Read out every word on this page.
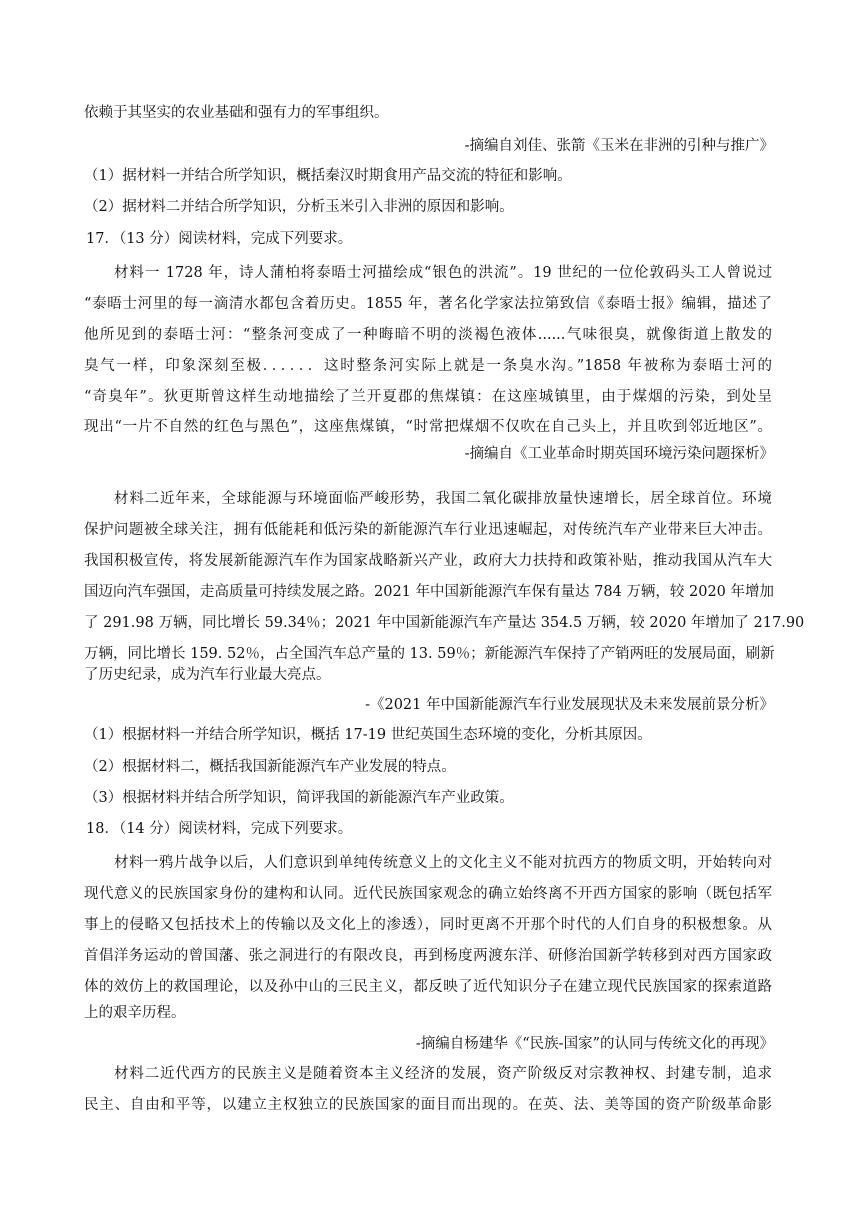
依赖于其坚实的农业基础和强有力的军事组织。
-摘编自刘佳、张箭《玉米在非洲的引种与推广》
（1）据材料一并结合所学知识，概括秦汉时期食用产品交流的特征和影响。
（2）据材料二并结合所学知识，分析玉米引入非洲的原因和影响。
17．（13 分）阅读材料，完成下列要求。
材料一 1728 年，诗人蒲柏将泰晤士河描绘成“银色的洪流”。19 世纪的一位伦敦码头工人曾说过
“泰晤士河里的每一滴清水都包含着历史。1855 年，著名化学家法拉第致信《泰晤士报》编辑，描述了
他所见到的泰晤士河：“整条河变成了一种晦暗不明的淡褐色液体......气味很臭，就像街道上散发的
臭气一样，印象深刻至极．．．．．．这时整条河实际上就是一条臭水沟。”1858 年被称为泰晤士河的
“奇臭年”。狄更斯曾这样生动地描绘了兰开夏郡的焦煤镇：在这座城镇里，由于煤烟的污染，到处呈
现出“一片不自然的红色与黑色”，这座焦煤镇，“时常把煤烟不仅吹在自己头上，并且吹到邻近地区”。
-摘编自《工业革命时期英国环境污染问题探析》
材料二近年来，全球能源与环境面临严峻形势，我国二氧化碳排放量快速增长，居全球首位。环境
保护问题被全球关注，拥有低能耗和低污染的新能源汽车行业迅速崛起，对传统汽车产业带来巨大冲击。
我国积极宣传，将发展新能源汽车作为国家战略新兴产业，政府大力扶持和政策补贴，推动我国从汽车大
国迈向汽车强国，走高质量可持续发展之路。2021 年中国新能源汽车保有量达 784 万辆，较 2020 年增加
了 291.98 万辆，同比增长 59.34％；2021 年中国新能源汽车产量达 354.5 万辆，较 2020 年增加了 217.90
万辆，同比增长 159. 52％，占全国汽车总产量的 13. 59％；新能源汽车保持了产销两旺的发展局面，刷新
了历史纪录，成为汽车行业最大亮点。
-《2021 年中国新能源汽车行业发展现状及未来发展前景分析》
（1）根据材料一并结合所学知识，概括 17-19 世纪英国生态环境的变化，分析其原因。
（2）根据材料二，概括我国新能源汽车产业发展的特点。
（3）根据材料并结合所学知识，简评我国的新能源汽车产业政策。
18．（14 分）阅读材料，完成下列要求。
材料一鸦片战争以后，人们意识到单纯传统意义上的文化主义不能对抗西方的物质文明，开始转向对
现代意义的民族国家身份的建构和认同。近代民族国家观念的确立始终离不开西方国家的影响（既包括军
事上的侵略又包括技术上的传输以及文化上的渗透），同时更离不开那个时代的人们自身的积极想象。从
首倡洋务运动的曾国藩、张之洞进行的有限改良，再到杨度两渡东洋、研修治国新学转移到对西方国家政
体的效仿上的救国理论，以及孙中山的三民主义，都反映了近代知识分子在建立现代民族国家的探索道路
上的艰辛历程。
-摘编自杨建华《“民族-国家”的认同与传统文化的再现》
材料二近代西方的民族主义是随着资本主义经济的发展，资产阶级反对宗教神权、封建专制，追求
民主、自由和平等，以建立主权独立的民族国家的面目而出现的。在英、法、美等国的资产阶级革命影
